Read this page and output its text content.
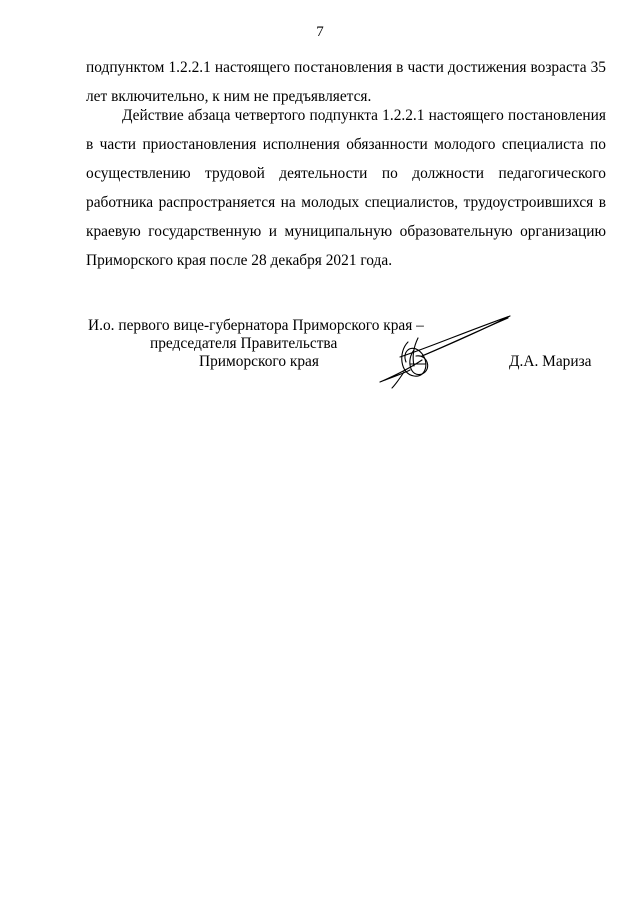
7
подпунктом 1.2.2.1 настоящего постановления в части достижения возраста 35
лет включительно, к ним не предъявляется.
Действие абзаца четвертого подпункта 1.2.2.1 настоящего постановления
в части приостановления исполнения обязанности молодого специалиста по
осуществлению трудовой деятельности по должности педагогического
работника распространяется на молодых специалистов, трудоустроившихся в
краевую государственную и муниципальную образовательную организацию
Приморского края после 28 декабря 2021 года.
И.о. первого вице-губернатора Приморского края –
председателя Правительства
Приморского края	Д.А. Мариза
